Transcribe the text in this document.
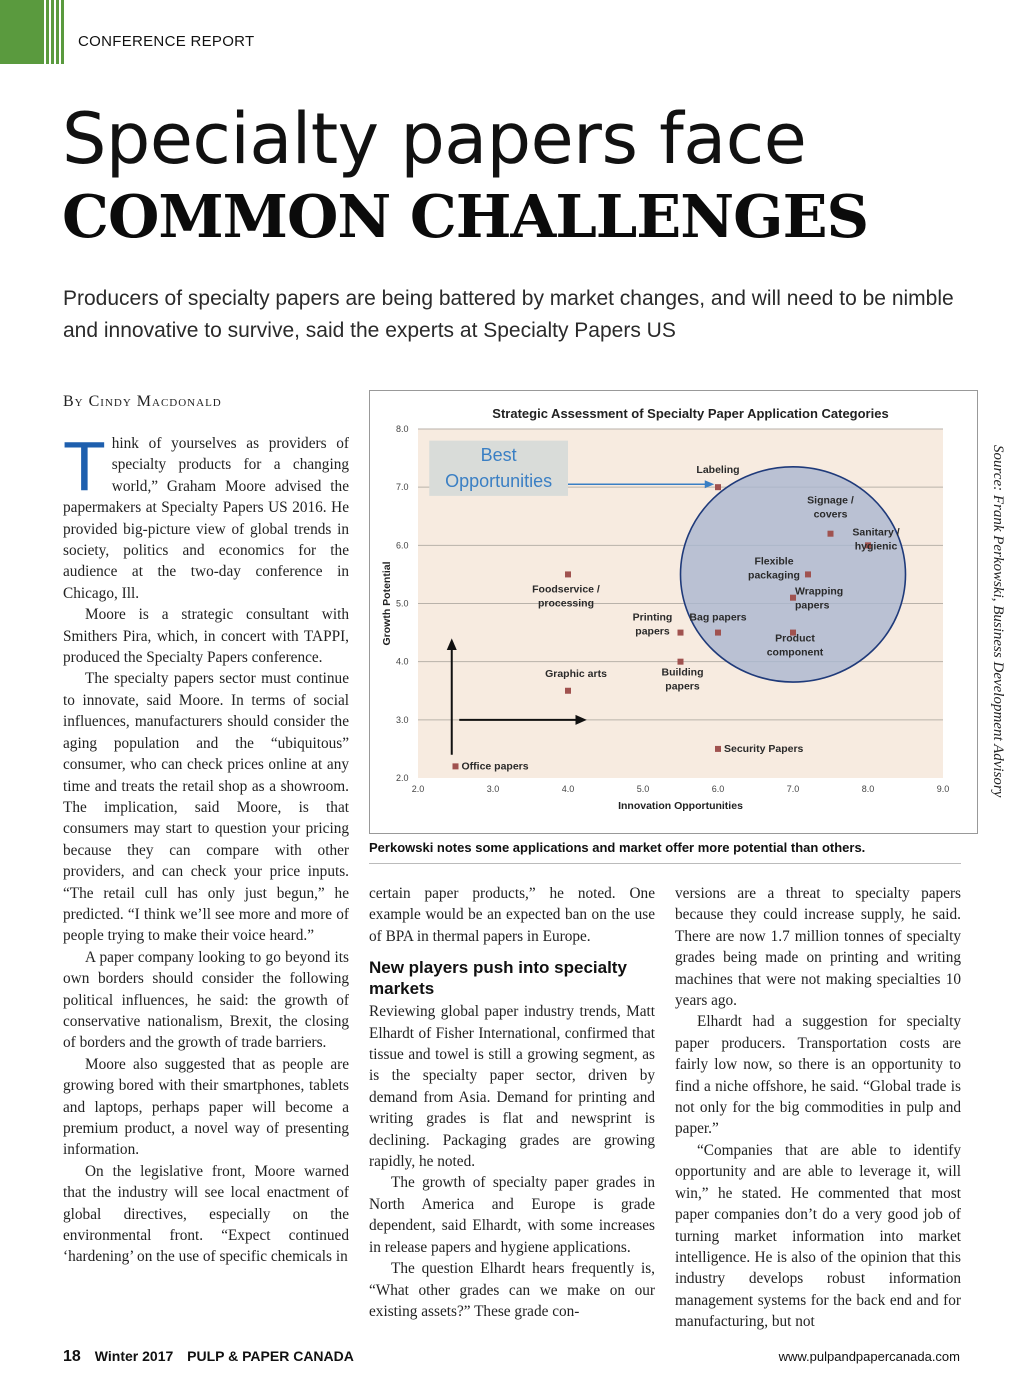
CONFERENCE REPORT
Specialty papers face
COMMON CHALLENGES
Producers of specialty papers are being battered by market changes, and will need to be nimble and innovative to survive, said the experts at Specialty Papers US
By Cindy Macdonald
T hink of yourselves as providers of specialty products for a changing world,” Graham Moore advised the papermakers at Specialty Papers US 2016. He provided big-picture view of global trends in society, politics and economics for the audience at the two-day conference in Chicago, Ill.

Moore is a strategic consultant with Smithers Pira, which, in concert with TAPPI, produced the Specialty Papers conference.

The specialty papers sector must continue to innovate, said Moore. In terms of social influences, manufacturers should consider the aging population and the “ubiquitous” consumer, who can check prices online at any time and treats the retail shop as a showroom. The implication, said Moore, is that consumers may start to question your pricing because they can compare with other providers, and can check your price inputs. “The retail cull has only just begun,” he predicted. “I think we’ll see more and more of people trying to make their voice heard.”

A paper company looking to go beyond its own borders should consider the following political influences, he said: the growth of conservative nationalism, Brexit, the closing of borders and the growth of trade barriers.

Moore also suggested that as people are growing bored with their smartphones, tablets and laptops, perhaps paper will become a premium product, a novel way of presenting information.

On the legislative front, Moore warned that the industry will see local enactment of global directives, especially on the environmental front. “Expect continued ‘hardening’ on the use of specific chemicals in

2.0
3.0
4.0
5.0
6.0
7.0
8.0
2.0	3.0	4.0	5.0	6.0	7.0	8.0	9.0
Strategic Assessment of Specialty Paper Application Categories
Innovation Opportunities
Growth Potential
Best
Opportunities
Labeling
Signage /
covers
Sanitary /
hygienic
Flexible
packaging
Wrapping
papers
Bag papers
Product
component
Foodservice /
processing
Printing
papers
Building
papers
Graphic arts
Security Papers
Office papers	Source: Frank Perkowski, Business Development Advisory
Perkowski notes some applications and market offer more potential than others.

certain paper products,” he noted. One example would be an expected ban on the use of BPA in thermal papers in Europe.

New players push into specialty markets

Reviewing global paper industry trends, Matt Elhardt of Fisher International, confirmed that tissue and towel is still a growing segment, as is the specialty paper sector, driven by demand from Asia. Demand for printing and writing grades is flat and newsprint is declining. Packaging grades are growing rapidly, he noted.

The growth of specialty paper grades in North America and Europe is grade dependent, said Elhardt, with some increases in release papers and hygiene applications.

The question Elhardt hears frequently is, “What other grades can we make on our existing assets?” These grade con-

versions are a threat to specialty papers because they could increase supply, he said. There are now 1.7 million tonnes of specialty grades being made on printing and writing machines that were not making specialties 10 years ago.

Elhardt had a suggestion for specialty paper producers. Transportation costs are fairly low now, so there is an opportunity to find a niche offshore, he said. “Global trade is not only for the big commodities in pulp and paper.”

“Companies that are able to identify opportunity and are able to leverage it, will win,” he stated. He commented that most paper companies don’t do a very good job of turning market information into market intelligence. He is also of the opinion that this industry develops robust information management systems for the back end and for manufacturing, but not

18 Winter 2017 PULP & PAPER CANADA	www.pulpandpapercanada.com
